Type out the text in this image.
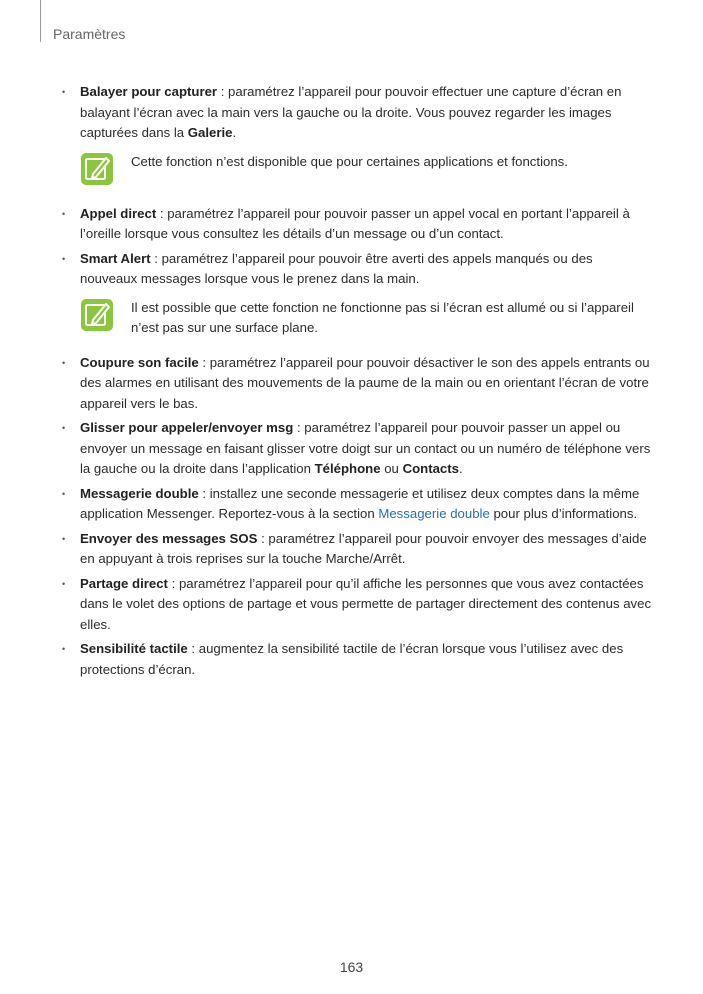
Paramètres
• Balayer pour capturer : paramétrez l’appareil pour pouvoir effectuer une capture d’écran en balayant l’écran avec la main vers la gauche ou la droite. Vous pouvez regarder les images capturées dans la Galerie.
Cette fonction n’est disponible que pour certaines applications et fonctions.
• Appel direct : paramétrez l’appareil pour pouvoir passer un appel vocal en portant l’appareil à l’oreille lorsque vous consultez les détails d’un message ou d’un contact.
• Smart Alert : paramétrez l’appareil pour pouvoir être averti des appels manqués ou des nouveaux messages lorsque vous le prenez dans la main.
Il est possible que cette fonction ne fonctionne pas si l’écran est allumé ou si l’appareil n’est pas sur une surface plane.
• Coupure son facile : paramétrez l’appareil pour pouvoir désactiver le son des appels entrants ou des alarmes en utilisant des mouvements de la paume de la main ou en orientant l’écran de votre appareil vers le bas.
• Glisser pour appeler/envoyer msg : paramétrez l’appareil pour pouvoir passer un appel ou envoyer un message en faisant glisser votre doigt sur un contact ou un numéro de téléphone vers la gauche ou la droite dans l’application Téléphone ou Contacts.
• Messagerie double : installez une seconde messagerie et utilisez deux comptes dans la même application Messenger. Reportez-vous à la section Messagerie double pour plus d’informations.
• Envoyer des messages SOS : paramétrez l’appareil pour pouvoir envoyer des messages d’aide en appuyant à trois reprises sur la touche Marche/Arrêt.
• Partage direct : paramétrez l’appareil pour qu’il affiche les personnes que vous avez contactées dans le volet des options de partage et vous permette de partager directement des contenus avec elles.
• Sensibilité tactile : augmentez la sensibilité tactile de l’écran lorsque vous l’utilisez avec des protections d’écran.
163
